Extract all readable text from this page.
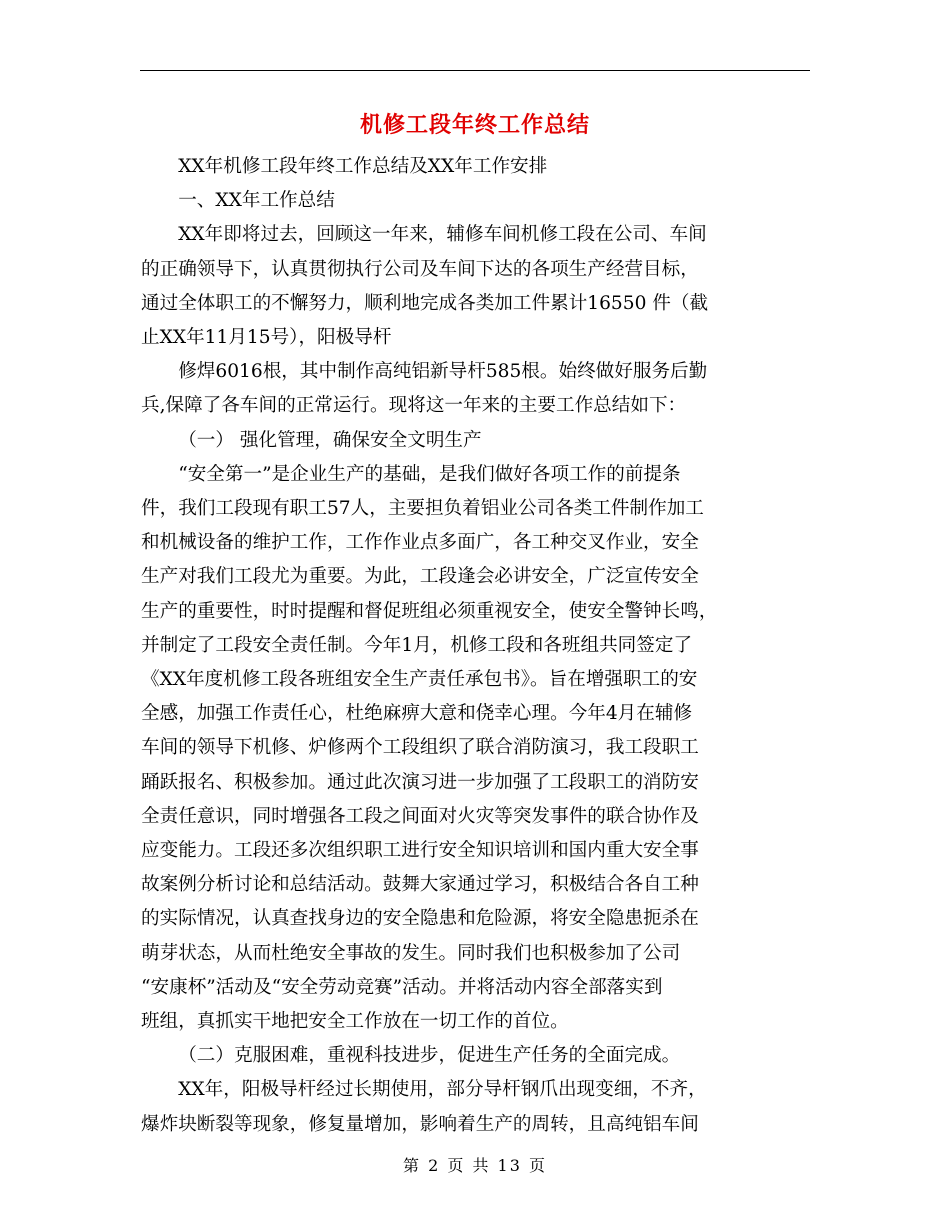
机修工段年终工作总结
XX年机修工段年终工作总结及XX年工作安排
一、XX年工作总结
XX年即将过去，回顾这一年来，辅修车间机修工段在公司、车间
的正确领导下，认真贯彻执行公司及车间下达的各项生产经营目标，
通过全体职工的不懈努力，顺利地完成各类加工件累计16550 件（截
止XX年11月15号），阳极导杆
修焊6016根，其中制作高纯铝新导杆585根。始终做好服务后勤
兵,保障了各车间的正常运行。现将这一年来的主要工作总结如下：
（一） 强化管理，确保安全文明生产
“安全第一”是企业生产的基础，是我们做好各项工作的前提条
件，我们工段现有职工57人，主要担负着铝业公司各类工件制作加工
和机械设备的维护工作，工作作业点多面广，各工种交叉作业，安全
生产对我们工段尤为重要。为此，工段逢会必讲安全，广泛宣传安全
生产的重要性，时时提醒和督促班组必须重视安全，使安全警钟长鸣，
并制定了工段安全责任制。今年1月，机修工段和各班组共同签定了
《XX年度机修工段各班组安全生产责任承包书》。旨在增强职工的安
全感，加强工作责任心，杜绝麻痹大意和侥幸心理。今年4月在辅修
车间的领导下机修、炉修两个工段组织了联合消防演习，我工段职工
踊跃报名、积极参加。通过此次演习进一步加强了工段职工的消防安
全责任意识，同时增强各工段之间面对火灾等突发事件的联合协作及
应变能力。工段还多次组织职工进行安全知识培训和国内重大安全事
故案例分析讨论和总结活动。鼓舞大家通过学习，积极结合各自工种
的实际情况，认真查找身边的安全隐患和危险源，将安全隐患扼杀在
萌芽状态，从而杜绝安全事故的发生。同时我们也积极参加了公司
“安康杯”活动及“安全劳动竞赛”活动。并将活动内容全部落实到
班组，真抓实干地把安全工作放在一切工作的首位。
（二）克服困难，重视科技进步，促进生产任务的全面完成。
XX年，阳极导杆经过长期使用，部分导杆钢爪出现变细，不齐，
爆炸块断裂等现象，修复量增加，影响着生产的周转，且高纯铝车间
第 2 页 共 13 页
